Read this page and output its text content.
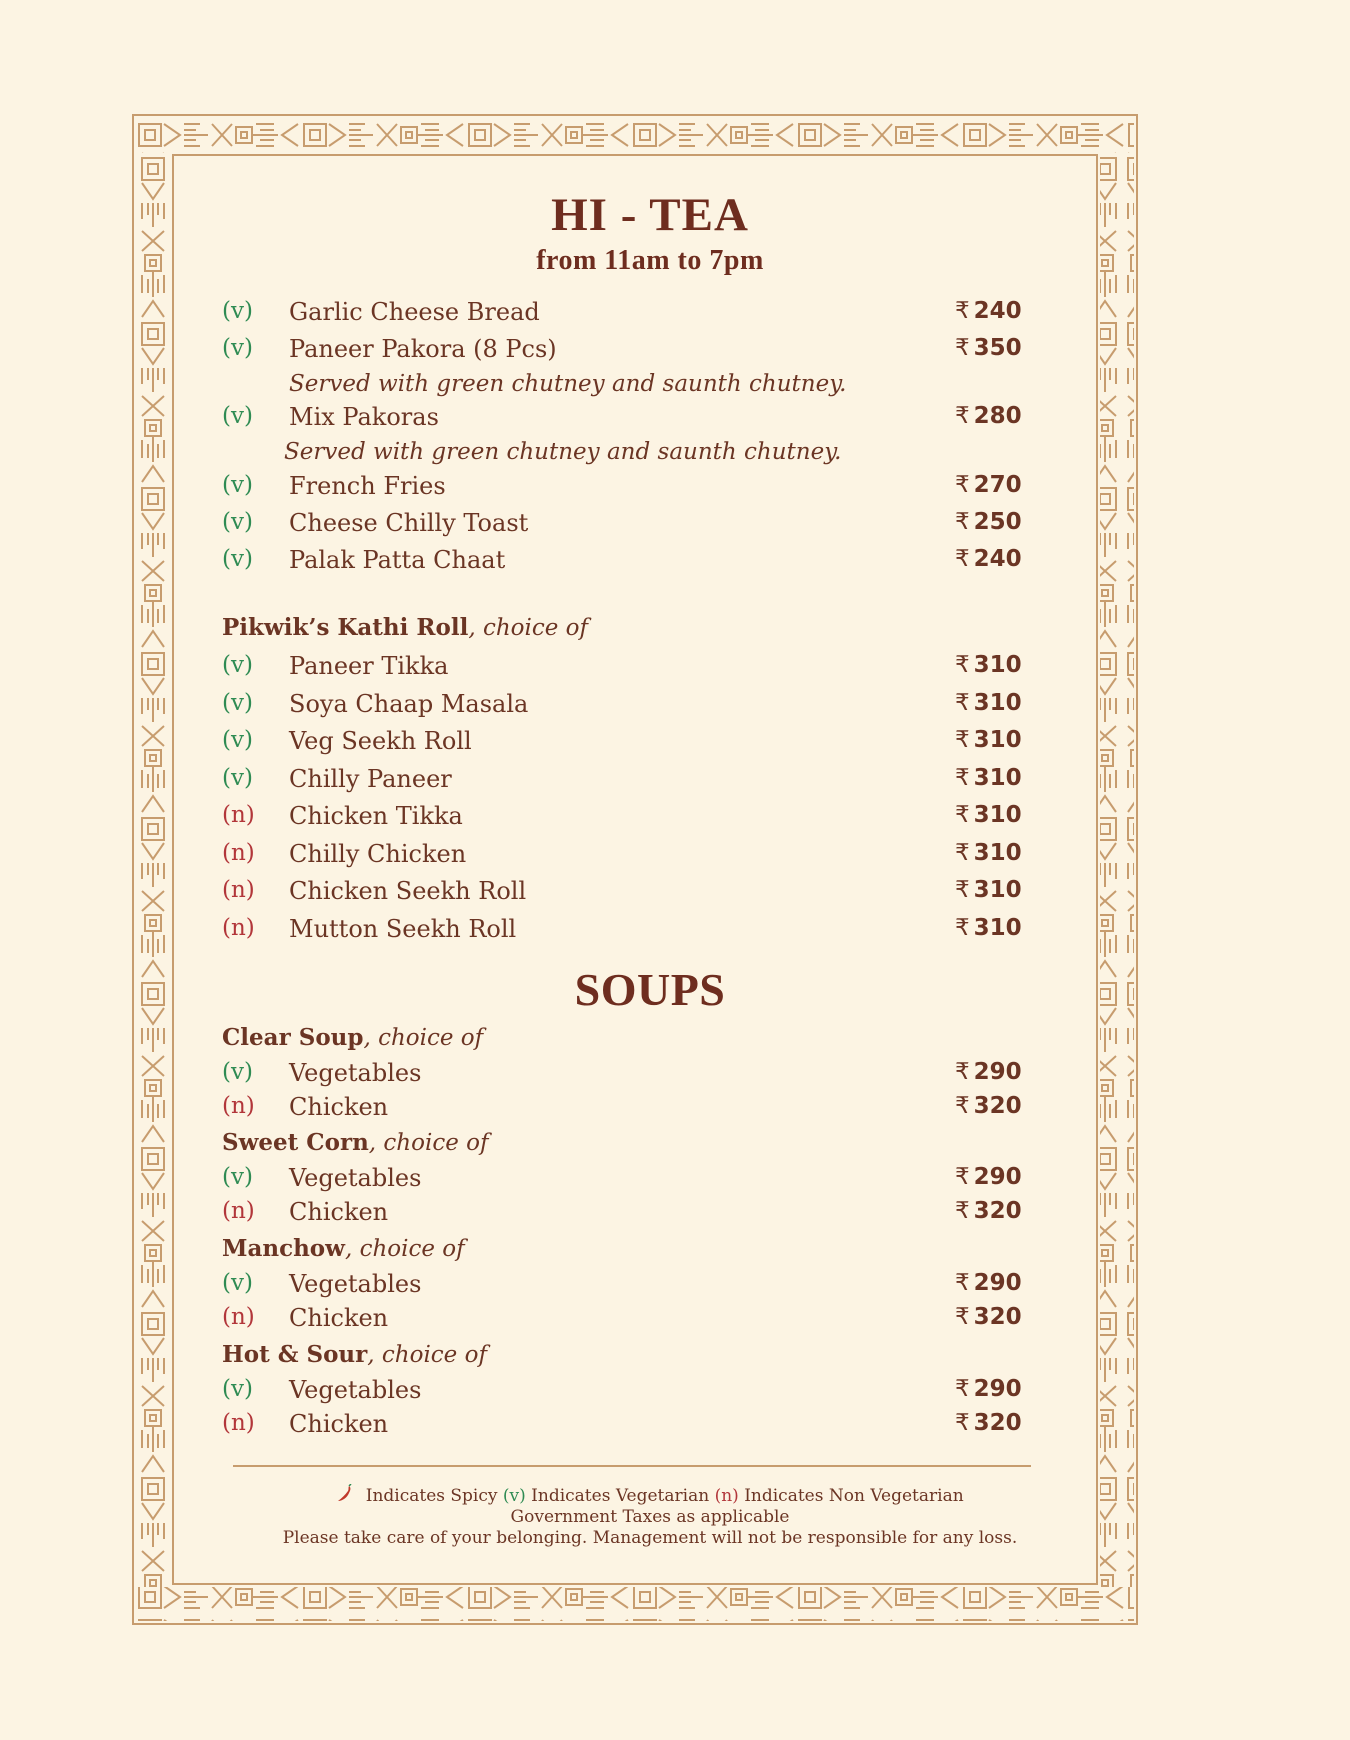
HI - TEA
from 11am to 7pm
(v) Garlic Cheese Bread	₹ 240
(v) Paneer Pakora (8 Pcs)	₹ 350
Served with green chutney and saunth chutney.
(v) Mix Pakoras	₹ 280
Served with green chutney and saunth chutney.
(v) French Fries	₹ 270
(v) Cheese Chilly Toast	₹ 250
(v) Palak Patta Chaat	₹ 240
Pikwik’s Kathi Roll, choice of
(v) Paneer Tikka	₹ 310
(v) Soya Chaap Masala	₹ 310
(v) Veg Seekh Roll	₹ 310
(v) Chilly Paneer	₹ 310
(n) Chicken Tikka	₹ 310
(n) Chilly Chicken	₹ 310
(n) Chicken Seekh Roll	₹ 310
(n) Mutton Seekh Roll	₹ 310
SOUPS
Clear Soup, choice of
(v) Vegetables	₹ 290
(n) Chicken	₹ 320
Sweet Corn, choice of
(v) Vegetables	₹ 290
(n) Chicken	₹ 320
Manchow, choice of
(v) Vegetables	₹ 290
(n) Chicken	₹ 320
Hot & Sour, choice of
(v) Vegetables	₹ 290
(n) Chicken	₹ 320
Indicates Spicy (v) Indicates Vegetarian (n) Indicates Non Vegetarian
Government Taxes as applicable
Please take care of your belonging. Management will not be responsible for any loss.
